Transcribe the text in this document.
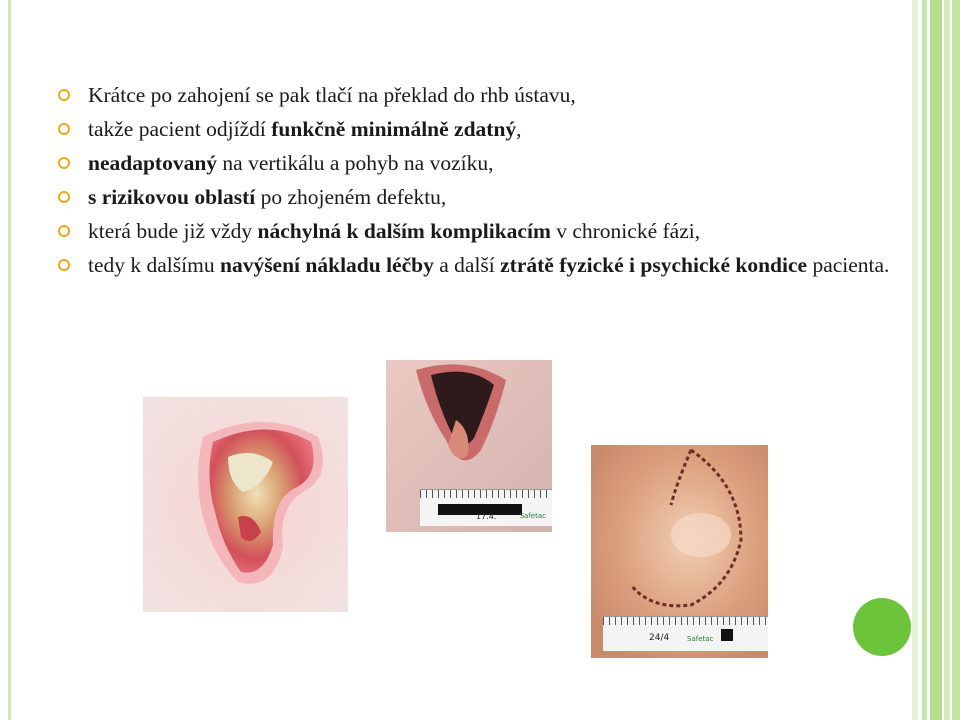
Krátce po zahojení se pak tlačí na překlad do rhb ústavu,
takže pacient odjíždí funkčně minimálně zdatný,
neadaptovaný na vertikálu a pohyb na vozíku,
s rizikovou oblastí po zhojeném defektu,
která bude již vždy náchylná k dalším komplikacím v chronické fázi,
tedy k dalšímu navýšení nákladu léčby a další ztrátě fyzické i psychické kondice pacienta.
17.4.	Safetac
24/4	Safetac
